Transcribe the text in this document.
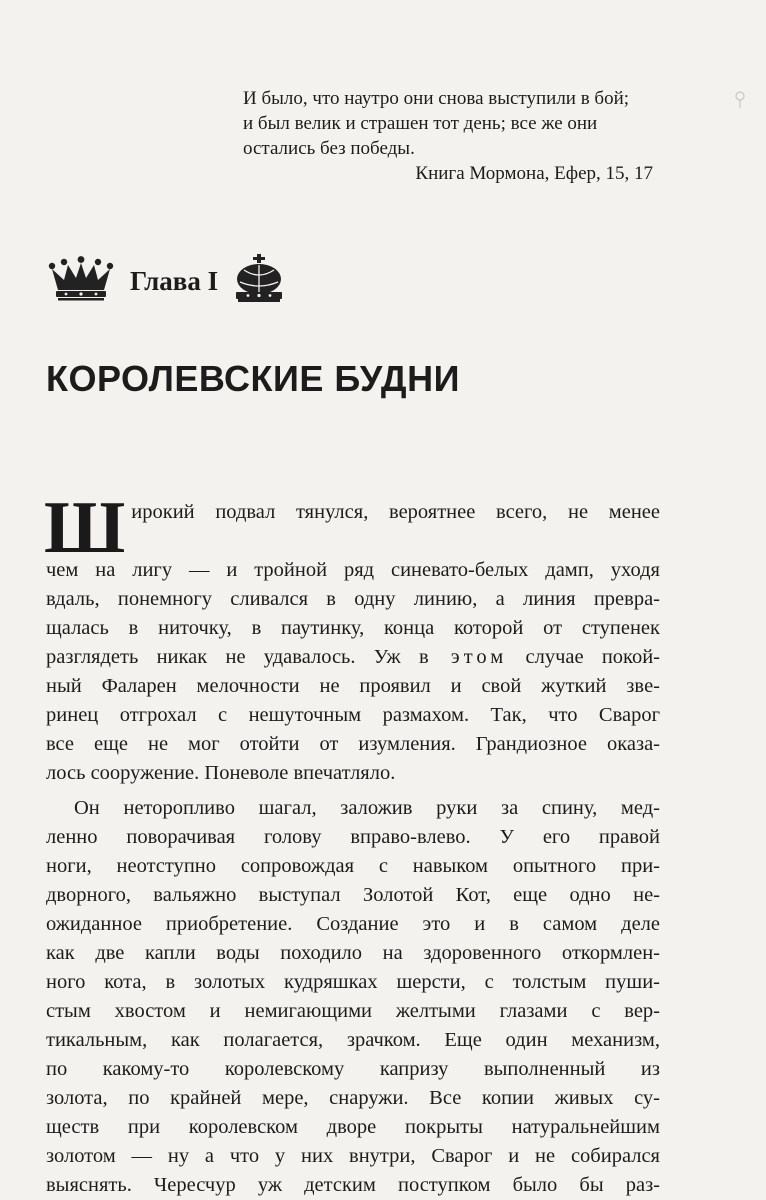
И было, что наутро они снова выступили в бой;
и был велик и страшен тот день; все же они
остались без победы.
Книга Мормона, Ефер, 15, 17
Глава I
КОРОЛЕВСКИЕ БУДНИ
Ш ирокий подвал тянулся, вероятнее всего, не менее
чем на лигу — и тройной ряд синевато-белых дамп, уходя
вдаль, понемногу сливался в одну линию, а линия превра-
щалась в ниточку, в паутинку, конца которой от ступенек
разглядеть никак не удавалось. Уж в этом случае покой-
ный Фаларен мелочности не проявил и свой жуткий звe-
ринец отгрохал с нешуточным размахом. Так, что Сварог
все еще не мог отойти от изумления. Грандиозное оказа-
лось сооружение. Поневоле впечатляло.
Он неторопливо шагал, заложив руки за спину, мед-
ленно поворачивая голову вправо-влево. У его правой
ноги, неотступно сопровождая с навыком опытного при-
дворного, вальяжно выступал Золотой Кот, еще одно не-
ожиданное приобретение. Создание это и в самом деле
как две капли воды походило на здоровенного откормлен-
ного кота, в золотых кудряшках шерсти, с толстым пуши-
стым хвостом и немигающими желтыми глазами с вер-
тикальным, как полагается, зрачком. Еще один механизм,
по какому-то королевскому капризу выполненный из
золота, по крайней мере, снаружи. Все копии живых су-
ществ при королевском дворе покрыты натуральнейшим
золотом — ну а что у них внутри, Сварог и не собирался
выяснять. Чересчур уж детским поступком было бы раз-
